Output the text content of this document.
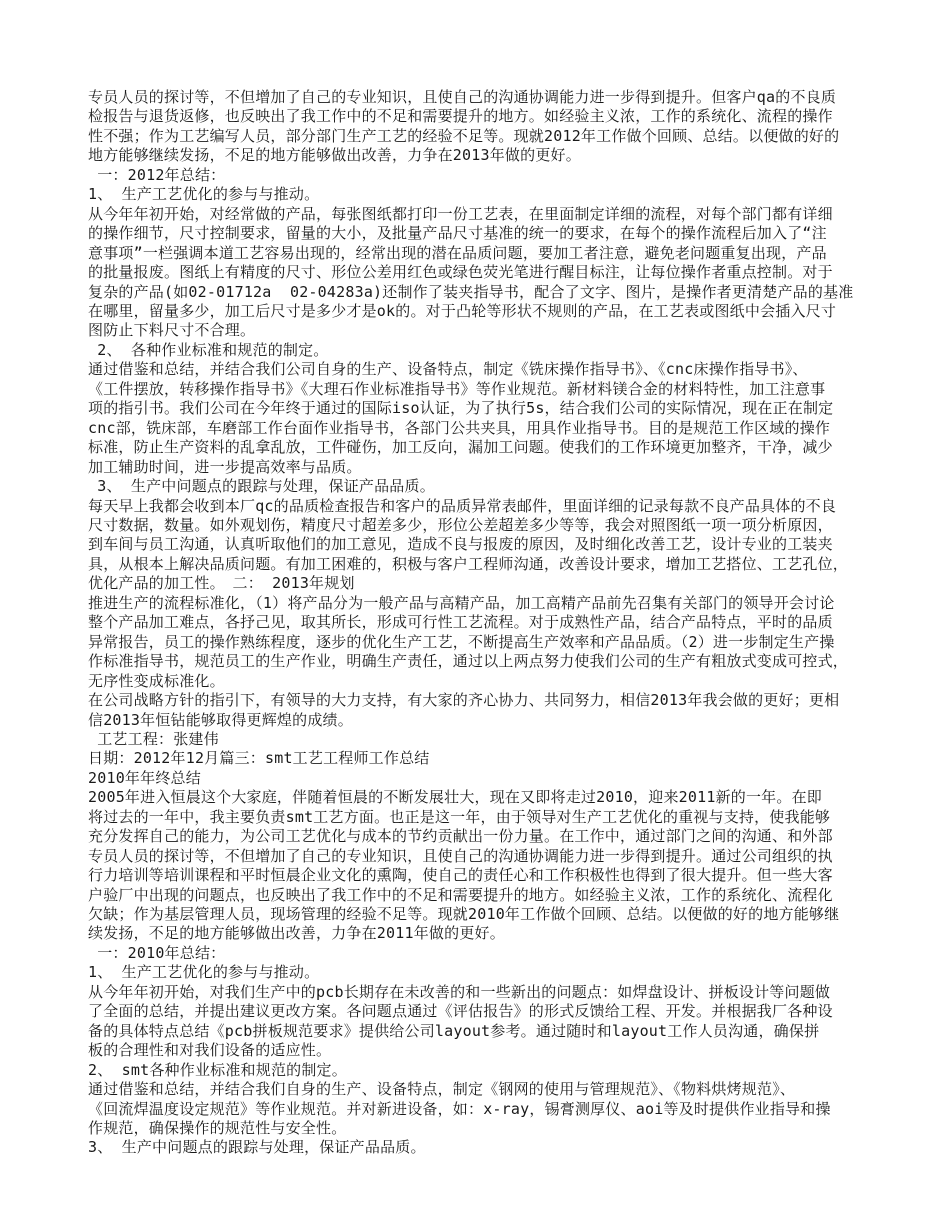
专员人员的探讨等，不但增加了自己的专业知识，且使自己的沟通协调能力进一步得到提升。但客户qa的不良质
检报告与退货返修，也反映出了我工作中的不足和需要提升的地方。如经验主义浓，工作的系统化、流程的操作
性不强；作为工艺编写人员，部分部门生产工艺的经验不足等。现就2012年工作做个回顾、总结。以便做的好的
地方能够继续发扬，不足的地方能够做出改善，力争在2013年做的更好。
一：2012年总结：
1、 生产工艺优化的参与与推动。
从今年年初开始，对经常做的产品，每张图纸都打印一份工艺表，在里面制定详细的流程，对每个部门都有详细
的操作细节，尺寸控制要求，留量的大小，及批量产品尺寸基准的统一的要求，在每个的操作流程后加入了“注
意事项”一栏强调本道工艺容易出现的，经常出现的潜在品质问题，要加工者注意，避免老问题重复出现，产品
的批量报废。图纸上有精度的尺寸、形位公差用红色或绿色荧光笔进行醒目标注，让每位操作者重点控制。对于
复杂的产品(如02-01712a  02-04283a)还制作了装夹指导书，配合了文字、图片，是操作者更清楚产品的基准
在哪里，留量多少，加工后尺寸是多少才是ok的。对于凸轮等形状不规则的产品，在工艺表或图纸中会插入尺寸
图防止下料尺寸不合理。
2、 各种作业标准和规范的制定。
通过借鉴和总结，并结合我们公司自身的生产、设备特点，制定《铣床操作指导书》、《cnc床操作指导书》、
《工件摆放，转移操作指导书》《大理石作业标准指导书》等作业规范。新材料镁合金的材料特性，加工注意事
项的指引书。我们公司在今年终于通过的国际iso认证，为了执行5s，结合我们公司的实际情况，现在正在制定
cnc部，铣床部，车磨部工作台面作业指导书，各部门公共夹具，用具作业指导书。目的是规范工作区域的操作
标准，防止生产资料的乱拿乱放，工件碰伤，加工反向，漏加工问题。使我们的工作环境更加整齐，干净，减少
加工辅助时间，进一步提高效率与品质。
3、 生产中问题点的跟踪与处理，保证产品品质。
每天早上我都会收到本厂qc的品质检查报告和客户的品质异常表邮件，里面详细的记录每款不良产品具体的不良
尺寸数据，数量。如外观划伤，精度尺寸超差多少，形位公差超差多少等等，我会对照图纸一项一项分析原因，
到车间与员工沟通，认真听取他们的加工意见，造成不良与报废的原因，及时细化改善工艺，设计专业的工装夹
具，从根本上解决品质问题。有加工困难的，积极与客户工程师沟通，改善设计要求，增加工艺搭位、工艺孔位，
优化产品的加工性。　二： 2013年规划
推进生产的流程标准化，（1）将产品分为一般产品与高精产品，加工高精产品前先召集有关部门的领导开会讨论
整个产品加工难点，各抒己见，取其所长，形成可行性工艺流程。对于成熟性产品，结合产品特点，平时的品质
异常报告，员工的操作熟练程度，逐步的优化生产工艺，不断提高生产效率和产品品质。（2）进一步制定生产操
作标准指导书，规范员工的生产作业，明确生产责任，通过以上两点努力使我们公司的生产有粗放式变成可控式，
无序性变成标准化。
在公司战略方针的指引下，有领导的大力支持，有大家的齐心协力、共同努力，相信2013年我会做的更好；更相
信2013年恒钻能够取得更辉煌的成绩。
工艺工程：张建伟
日期：2012年12月篇三：smt工艺工程师工作总结
2010年年终总结
2005年进入恒晨这个大家庭，伴随着恒晨的不断发展壮大，现在又即将走过2010，迎来2011新的一年。在即
将过去的一年中，我主要负责smt工艺方面。也正是这一年，由于领导对生产工艺优化的重视与支持，使我能够
充分发挥自己的能力，为公司工艺优化与成本的节约贡献出一份力量。在工作中，通过部门之间的沟通、和外部
专员人员的探讨等，不但增加了自己的专业知识，且使自己的沟通协调能力进一步得到提升。通过公司组织的执
行力培训等培训课程和平时恒晨企业文化的熏陶，使自己的责任心和工作积极性也得到了很大提升。但一些大客
户验厂中出现的问题点，也反映出了我工作中的不足和需要提升的地方。如经验主义浓，工作的系统化、流程化
欠缺；作为基层管理人员，现场管理的经验不足等。现就2010年工作做个回顾、总结。以便做的好的地方能够继
续发扬，不足的地方能够做出改善，力争在2011年做的更好。
一：2010年总结：
1、 生产工艺优化的参与与推动。
从今年年初开始，对我们生产中的pcb长期存在未改善的和一些新出的问题点：如焊盘设计、拼板设计等问题做
了全面的总结，并提出建议更改方案。各问题点通过《评估报告》的形式反馈给工程、开发。并根据我厂各种设
备的具体特点总结《pcb拼板规范要求》提供给公司layout参考。通过随时和layout工作人员沟通，确保拼
板的合理性和对我们设备的适应性。
2、 smt各种作业标准和规范的制定。
通过借鉴和总结，并结合我们自身的生产、设备特点，制定《钢网的使用与管理规范》、《物料烘烤规范》、
《回流焊温度设定规范》等作业规范。并对新进设备，如：x-ray，锡膏测厚仪、aoi等及时提供作业指导和操
作规范，确保操作的规范性与安全性。
3、 生产中问题点的跟踪与处理，保证产品品质。
